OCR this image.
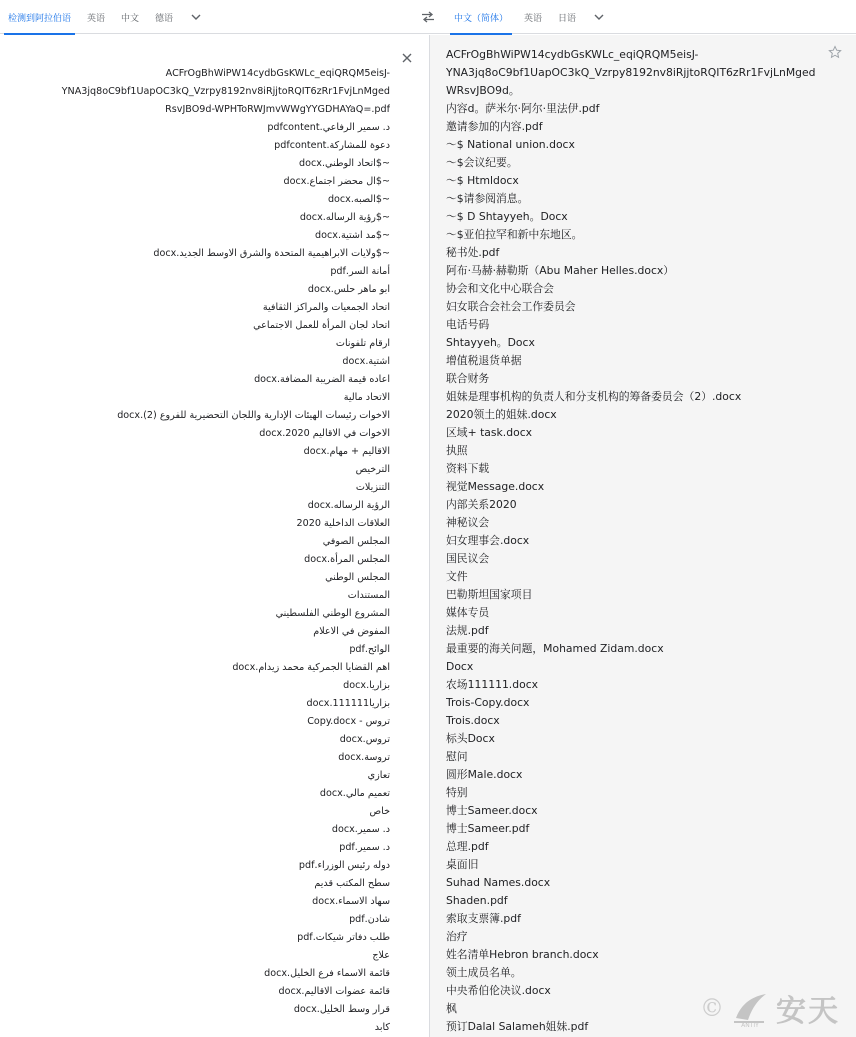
检测到阿拉伯语	英语	中文	德语	中文（简体）	英语	日语
ACFrOgBhWiPW14cydbGsKWLc_eqiQRQM5eisJ-
YNA3jq8oC9bf1UapOC3kQ_Vzrpy8192nv8iRjjtoRQIT6zRr1FvjLnMged
RsvJBO9d-WPHToRWJmvWWgYYGDHAYaQ=.pdf
د. سمير الرفاعي.pdfcontent
دعوة للمشاركة.pdfcontent
~$اتحاد الوطني.docx
~$ال محضر اجتماع.docx
~$الصبه.docx
~$رؤية الرساله.docx
~$مد اشتية.docx
~$ولايات الابراهيمية المتحدة والشرق الاوسط الجديد.docx
أمانة السر.pdf
ابو ماهر حلس.docx
اتحاد الجمعيات والمراكز الثقافية
اتحاد لجان المرأة للعمل الاجتماعي
ارقام تلفونات
اشتية.docx
اعاده قيمة الضريبة المضافة.docx
الاتحاد مالية
الاخوات رئيسات الهيئات الإدارية واللجان التحضيرية للفروع (2).docx
الاخوات في الاقاليم 2020.docx
الاقاليم + مهام.docx
الترخيص
التنزيلات
الرؤية الرساله.docx
العلاقات الداخلية 2020
المجلس الصوفي
المجلس المرأة.docx
المجلس الوطني
المستندات
المشروع الوطني الفلسطيني
المفوض في الاعلام
الوائح.pdf
اهم القضايا الجمركية محمد زيدام.docx
بزاريا.docx
بزاريا111111.docx
تروس - Copy.docx
تروس.docx
تروسة.docx
تعازي
تعميم مالي.docx
خاص
د. سمير.docx
د. سمير.pdf
دوله رئيس الوزراء.pdf
سطح المكتب قديم
سهاد الاسماء.docx
شادن.pdf
طلب دفاتر شيكات.pdf
علاج
قائمة الاسماء فرع الخليل.docx
قائمة عضوات الاقاليم.docx
قرار وسط الخليل.docx
كابد
ACFrOgBhWiPW14cydbGsKWLc_eqiQRQM5eisJ-
YNA3jq8oC9bf1UapOC3kQ_Vzrpy8192nv8iRjjtoRQIT6zRr1FvjLnMged
WRsvJBO9d。
内容d。萨米尔·阿尔·里法伊.pdf
邀请参加的内容.pdf
〜$ National union.docx
〜$会议纪要。
〜$ Htmldocx
〜$请参阅消息。
〜$ D Shtayyeh。Docx
〜$亚伯拉罕和新中东地区。
秘书处.pdf
阿布·马赫·赫勒斯（Abu Maher Helles.docx）
协会和文化中心联合会
妇女联合会社会工作委员会
电话号码
Shtayyeh。Docx
增值税退货单据
联合财务
姐妹是理事机构的负责人和分支机构的筹备委员会（2）.docx
2020领土的姐妹.docx
区域+ task.docx
执照
资料下载
视觉Message.docx
内部关系2020
神秘议会
妇女理事会.docx
国民议会
文件
巴勒斯坦国家项目
媒体专员
法规.pdf
最重要的海关问题，Mohamed Zidam.docx
Docx
农场111111.docx
Trois-Copy.docx
Trois.docx
标头Docx
慰问
圆形Male.docx
特别
博士Sameer.docx
博士Sameer.pdf
总理.pdf
桌面旧
Suhad Names.docx
Shaden.pdf
索取支票簿.pdf
治疗
姓名清单Hebron branch.docx
领土成员名单。
中央希伯伦决议.docx
枫
预订Dalal Salameh姐妹.pdf
©
ANTIY 安天
